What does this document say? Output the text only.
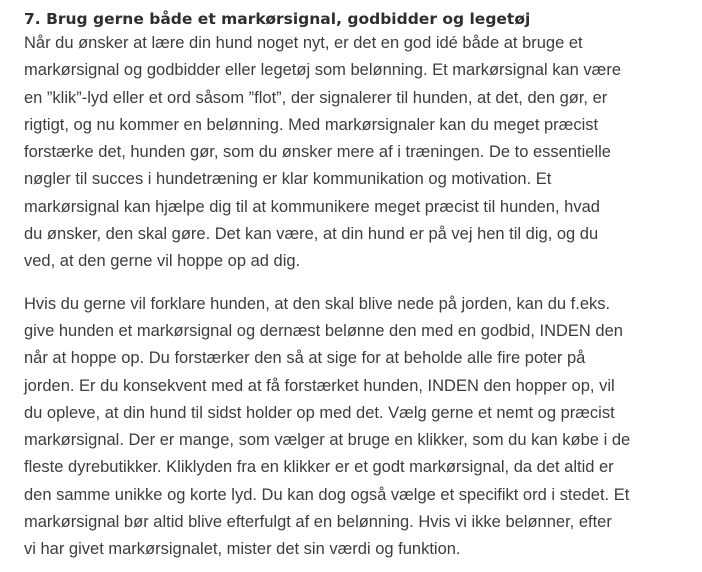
7. Brug gerne både et markørsignal, godbidder og legetøj

Når du ønsker at lære din hund noget nyt, er det en god idé både at bruge et
markørsignal og godbidder eller legetøj som belønning. Et markørsignal kan være
en ”klik”-lyd eller et ord såsom ”flot”, der signalerer til hunden, at det, den gør, er
rigtigt, og nu kommer en belønning. Med markørsignaler kan du meget præcist
forstærke det, hunden gør, som du ønsker mere af i træningen. De to essentielle
nøgler til succes i hundetræning er klar kommunikation og motivation. Et
markørsignal kan hjælpe dig til at kommunikere meget præcist til hunden, hvad
du ønsker, den skal gøre. Det kan være, at din hund er på vej hen til dig, og du
ved, at den gerne vil hoppe op ad dig.

Hvis du gerne vil forklare hunden, at den skal blive nede på jorden, kan du f.eks.
give hunden et markørsignal og dernæst belønne den med en godbid, INDEN den
når at hoppe op. Du forstærker den så at sige for at beholde alle fire poter på
jorden. Er du konsekvent med at få forstærket hunden, INDEN den hopper op, vil
du opleve, at din hund til sidst holder op med det. Vælg gerne et nemt og præcist
markørsignal. Der er mange, som vælger at bruge en klikker, som du kan købe i de
fleste dyrebutikker. Kliklyden fra en klikker er et godt markørsignal, da det altid er
den samme unikke og korte lyd. Du kan dog også vælge et specifikt ord i stedet. Et
markørsignal bør altid blive efterfulgt af en belønning. Hvis vi ikke belønner, efter
vi har givet markørsignalet, mister det sin værdi og funktion.
